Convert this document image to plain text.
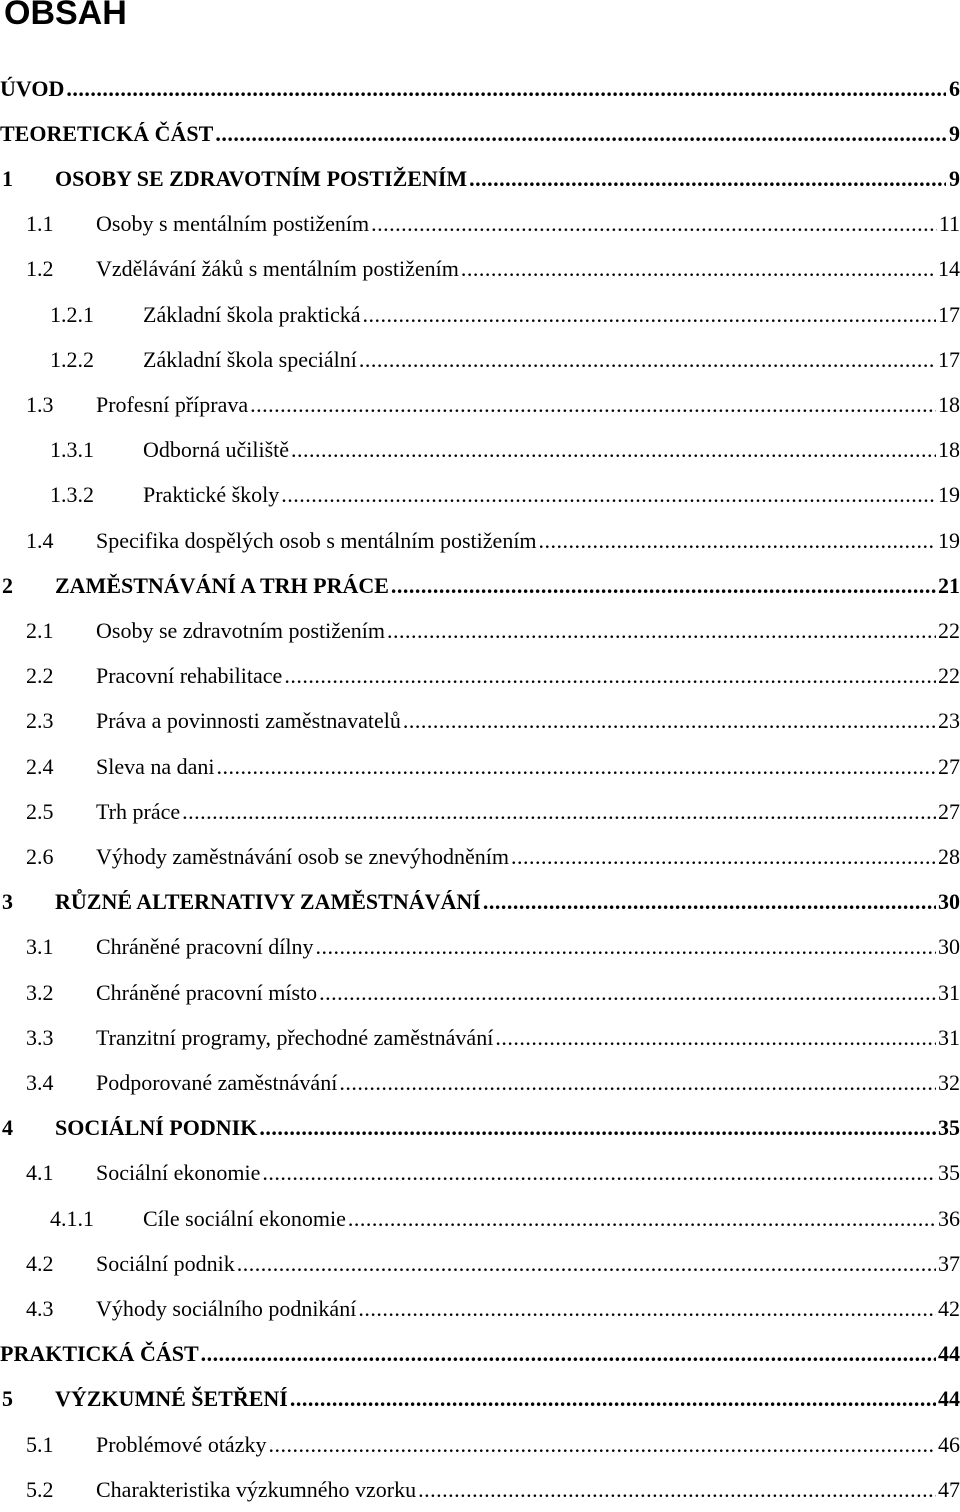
OBSAH
ÚVOD .....	6
TEORETICKÁ ČÁST .....	9
1	OSOBY SE ZDRAVOTNÍM POSTIŽENÍM .....	9
1.1	Osoby s mentálním postižením .....	11
1.2	Vzdělávání žáků s mentálním postižením .....	14
1.2.1	Základní škola praktická .....	17
1.2.2	Základní škola speciální .....	17
1.3	Profesní příprava .....	18
1.3.1	Odborná učiliště .....	18
1.3.2	Praktické školy .....	19
1.4	Specifika dospělých osob s mentálním postižením .....	19
2	ZAMĚSTNÁVÁNÍ A TRH PRÁCE .....	21
2.1	Osoby se zdravotním postižením .....	22
2.2	Pracovní rehabilitace .....	22
2.3	Práva a povinnosti zaměstnavatelů .....	23
2.4	Sleva na dani .....	27
2.5	Trh práce .....	27
2.6	Výhody zaměstnávání osob se znevýhodněním .....	28
3	RŮZNÉ ALTERNATIVY ZAMĚSTNÁVÁNÍ .....	30
3.1	Chráněné pracovní dílny .....	30
3.2	Chráněné pracovní místo .....	31
3.3	Tranzitní programy, přechodné zaměstnávání .....	31
3.4	Podporované zaměstnávání .....	32
4	SOCIÁLNÍ PODNIK .....	35
4.1	Sociální ekonomie .....	35
4.1.1	Cíle sociální ekonomie .....	36
4.2	Sociální podnik .....	37
4.3	Výhody sociálního podnikání .....	42
PRAKTICKÁ ČÁST .....	44
5	VÝZKUMNÉ ŠETŘENÍ .....	44
5.1	Problémové otázky .....	46
5.2	Charakteristika výzkumného vzorku .....	47
